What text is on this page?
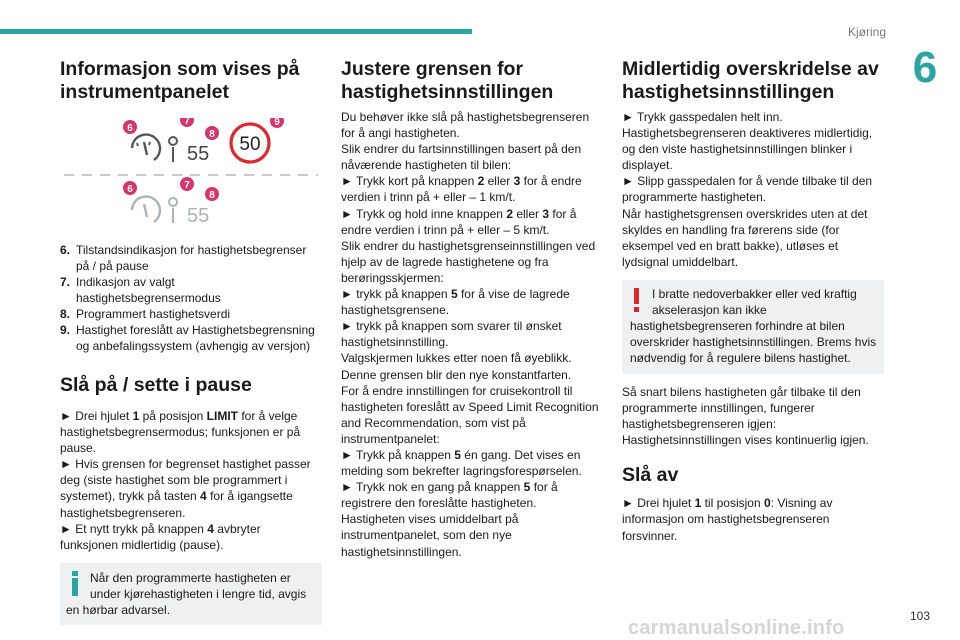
Kjøring
6
Informasjon som vises på instrumentpanelet
55 50
6
7
8
9
55
6	7
8
6. Tilstandsindikasjon for hastighetsbegrenser på / på pause
7. Indikasjon av valgt hastighetsbegrensermodus
8. Programmert hastighetsverdi
9. Hastighet foreslått av Hastighetsbegrensning og anbefalingssystem (avhengig av versjon)
Slå på / sette i pause

► Drei hjulet 1 på posisjon LIMIT for å velge hastighetsbegrensermodus; funksjonen er på pause.

► Hvis grensen for begrenset hastighet passer deg (siste hastighet som ble programmert i systemet), trykk på tasten 4 for å igangsette hastighetsbegrenseren.

► Et nytt trykk på knappen 4 avbryter funksjonen midlertidig (pause).

Når den programmerte hastigheten er under kjørehastigheten i lengre tid, avgis en hørbar advarsel.
Justere grensen for hastighetsinnstillingen

Du behøver ikke slå på hastighetsbegrenseren for å angi hastigheten.

Slik endrer du fartsinnstillingen basert på den nåværende hastigheten til bilen:

► Trykk kort på knappen 2 eller 3 for å endre verdien i trinn på + eller – 1 km/t.

► Trykk og hold inne knappen 2 eller 3 for å endre verdien i trinn på + eller – 5 km/t.

Slik endrer du hastighetsgrenseinnstillingen ved hjelp av de lagrede hastighetene og fra berøringsskjermen:

► trykk på knappen 5 for å vise de lagrede hastighetsgrensene.

► trykk på knappen som svarer til ønsket hastighetsinnstilling.

Valgskjermen lukkes etter noen få øyeblikk.

Denne grensen blir den nye konstantfarten.

For å endre innstillingen for cruisekontroll til hastigheten foreslått av Speed Limit Recognition and Recommendation, som vist på instrumentpanelet:

► Trykk på knappen 5 én gang. Det vises en melding som bekrefter lagringsforespørselen.

► Trykk nok en gang på knappen 5 for å registrere den foreslåtte hastigheten.

Hastigheten vises umiddelbart på instrumentpanelet, som den nye hastighetsinnstillingen.

Midlertidig overskridelse av hastighetsinnstillingen

► Trykk gasspedalen helt inn.

Hastighetsbegrenseren deaktiveres midlertidig, og den viste hastighetsinnstillingen blinker i displayet.

► Slipp gasspedalen for å vende tilbake til den programmerte hastigheten.

Når hastighetsgrensen overskrides uten at det skyldes en handling fra førerens side (for eksempel ved en bratt bakke), utløses et lydsignal umiddelbart.

I bratte nedoverbakker eller ved kraftig akselerasjon kan ikke hastighetsbegrenseren forhindre at bilen overskrider hastighetsinnstillingen. Brems hvis nødvendig for å regulere bilens hastighet.

Så snart bilens hastigheten går tilbake til den programmerte innstillingen, fungerer hastighetsbegrenseren igjen: Hastighetsinnstillingen vises kontinuerlig igjen.

Slå av

► Drei hjulet 1 til posisjon 0: Visning av informasjon om hastighetsbegrenseren forsvinner.

103
carmanualsonline.info
